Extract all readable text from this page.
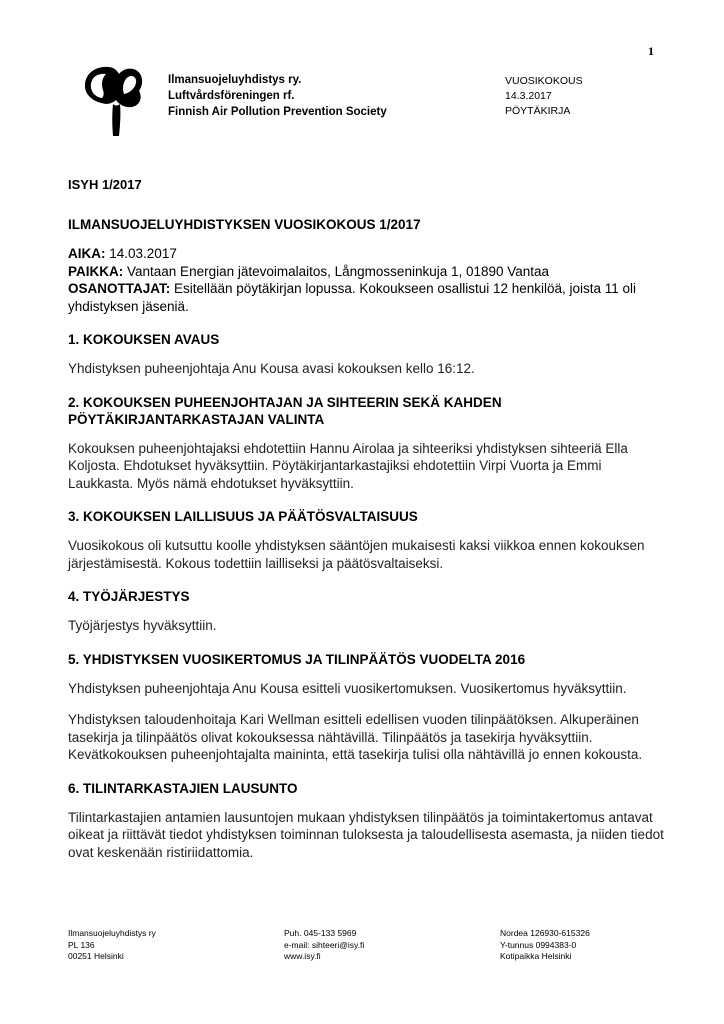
1
Ilmansuojeluyhdistys ry.
Luftvårdsföreningen rf.
Finnish Air Pollution Prevention Society
VUOSIKOKOUS
14.3.2017
PÖYTÄKIRJA
ISYH 1/2017
ILMANSUOJELUYHDISTYKSEN VUOSIKOKOUS 1/2017

AIKA: 14.03.2017

PAIKKA: Vantaan Energian jätevoimalaitos, Långmosseninkuja 1, 01890 Vantaa

OSANOTTAJAT: Esitellään pöytäkirjan lopussa. Kokoukseen osallistui 12 henkilöä, joista 11 oli yhdistyksen jäseniä.

1. KOKOUKSEN AVAUS

Yhdistyksen puheenjohtaja Anu Kousa avasi kokouksen kello 16:12.

2. KOKOUKSEN PUHEENJOHTAJAN JA SIHTEERIN SEKÄ KAHDEN PÖYTÄKIRJANTARKASTAJAN VALINTA

Kokouksen puheenjohtajaksi ehdotettiin Hannu Airolaa ja sihteeriksi yhdistyksen sihteeriä Ella Koljosta. Ehdotukset hyväksyttiin. Pöytäkirjantarkastajiksi ehdotettiin Virpi Vuorta ja Emmi Laukkasta. Myös nämä ehdotukset hyväksyttiin.

3. KOKOUKSEN LAILLISUUS JA PÄÄTÖSVALTAISUUS

Vuosikokous oli kutsuttu koolle yhdistyksen sääntöjen mukaisesti kaksi viikkoa ennen kokouksen järjestämisestä. Kokous todettiin lailliseksi ja päätösvaltaiseksi.

4. TYÖJÄRJESTYS

Työjärjestys hyväksyttiin.

5. YHDISTYKSEN VUOSIKERTOMUS JA TILINPÄÄTÖS VUODELTA 2016

Yhdistyksen puheenjohtaja Anu Kousa esitteli vuosikertomuksen. Vuosikertomus hyväksyttiin.

Yhdistyksen taloudenhoitaja Kari Wellman esitteli edellisen vuoden tilinpäätöksen. Alkuperäinen tasekirja ja tilinpäätös olivat kokouksessa nähtävillä. Tilinpäätös ja tasekirja hyväksyttiin. Kevätkokouksen puheenjohtajalta maininta, että tasekirja tulisi olla nähtävillä jo ennen kokousta.

6. TILINTARKASTAJIEN LAUSUNTO

Tilintarkastajien antamien lausuntojen mukaan yhdistyksen tilinpäätös ja toimintakertomus antavat oikeat ja riittävät tiedot yhdistyksen toiminnan tuloksesta ja taloudellisesta asemasta, ja niiden tiedot ovat keskenään ristiriidattomia.

Ilmansuojeluyhdistys ry
PL 136
00251 Helsinki
Puh. 045-133 5969
e-mail: sihteeri@isy.fi
www.isy.fi
Nordea 126930-615326
Y-tunnus 0994383-0
Kotipaikka Helsinki
